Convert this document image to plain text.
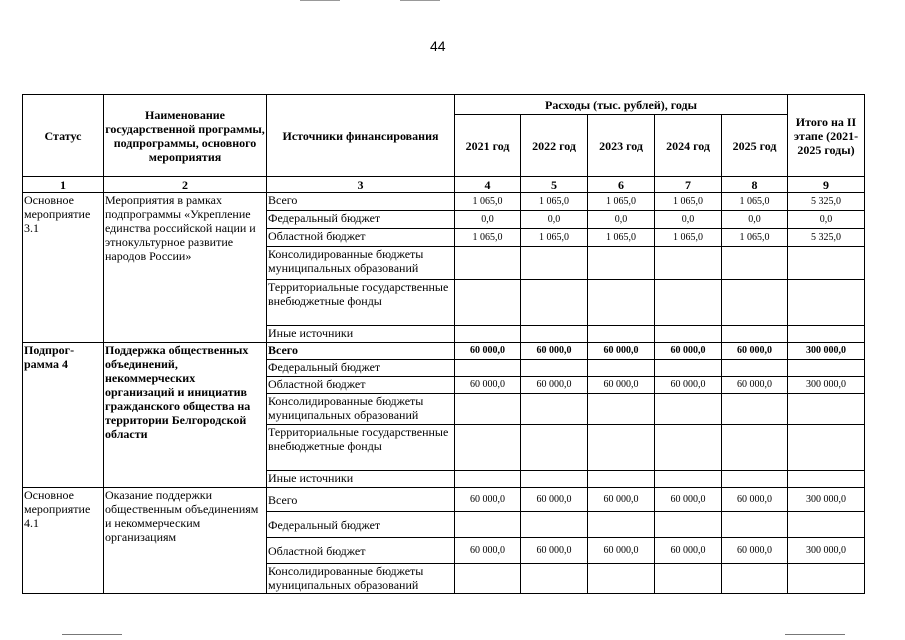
44
Статус	Наименование государственной программы, подпрограммы, основного мероприятия	Источники финансирования	Расходы (тыс. рублей), годы					Итого на II этапе (2021-2025 годы)
			2021 год	2022 год	2023 год	2024 год	2025 год	
1	2	3	4	5	6	7	8	9
Основное мероприятие 3.1	Мероприятия в рамках подпрограммы «Укрепление единства российской нации и этнокультурное развитие народов России»	Всего	1 065,0	1 065,0	1 065,0	1 065,0	1 065,0	5 325,0
		Федеральный бюджет	0,0	0,0	0,0	0,0	0,0	0,0
		Областной бюджет	1 065,0	1 065,0	1 065,0	1 065,0	1 065,0	5 325,0
		Консолидированные бюджеты муниципальных образований						
		Территориальные государственные внебюджетные фонды						
		Иные источники						
Подпрог- рамма 4	Поддержка общественных объединений, некоммерческих организаций и инициатив гражданского общества на территории Белгородской области	Всего	60 000,0	60 000,0	60 000,0	60 000,0	60 000,0	300 000,0
		Федеральный бюджет						
		Областной бюджет	60 000,0	60 000,0	60 000,0	60 000,0	60 000,0	300 000,0
		Консолидированные бюджеты муниципальных образований						
		Территориальные государственные внебюджетные фонды						
		Иные источники						
Основное мероприятие 4.1	Оказание поддержки общественным объединениям и некоммерческим организациям	Всего	60 000,0	60 000,0	60 000,0	60 000,0	60 000,0	300 000,0
		Федеральный бюджет						
		Областной бюджет	60 000,0	60 000,0	60 000,0	60 000,0	60 000,0	300 000,0
		Консолидированные бюджеты муниципальных образований						
